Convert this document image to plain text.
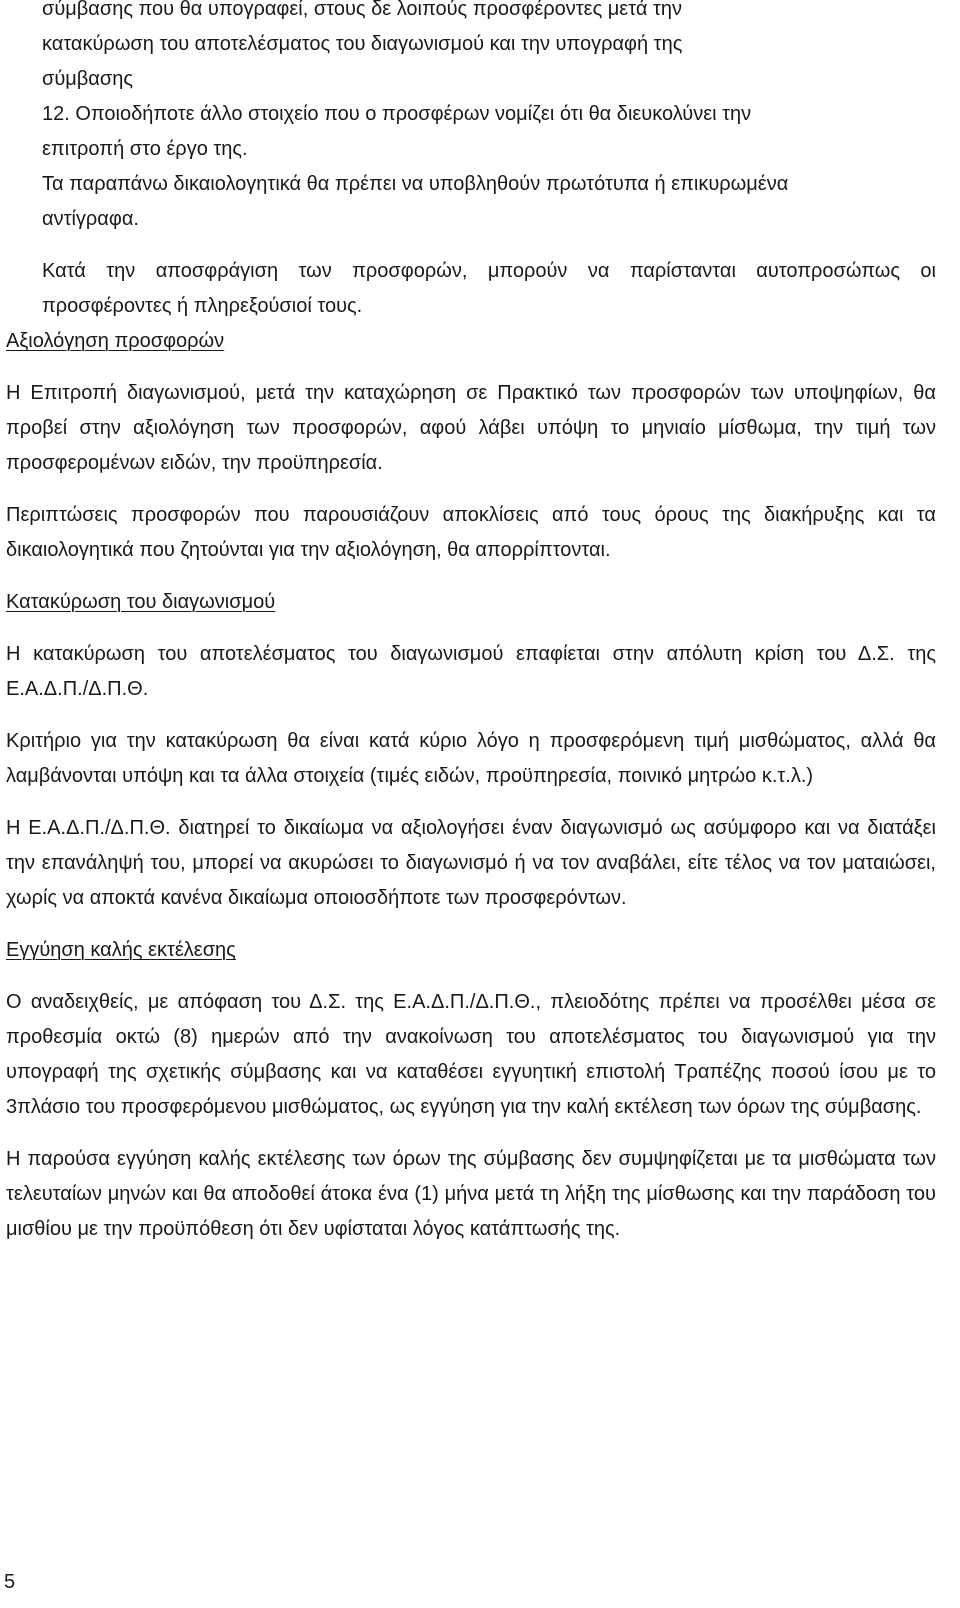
σύμβασης που θα υπογραφεί, στους δε λοιπούς προσφέροντες μετά την

κατακύρωση του αποτελέσματος του διαγωνισμού και την υπογραφή της

σύμβασης

12. Οποιοδήποτε άλλο στοιχείο που ο προσφέρων νομίζει ότι θα διευκολύνει την

επιτροπή στο έργο της.

Τα παραπάνω δικαιολογητικά θα πρέπει να υποβληθούν πρωτότυπα ή επικυρωμένα

αντίγραφα.

Κατά την αποσφράγιση των προσφορών, μπορούν να παρίστανται αυτοπροσώπως οι προσφέροντες ή πληρεξούσιοί τους.

Αξιολόγηση προσφορών

Η Επιτροπή διαγωνισμού, μετά την καταχώρηση σε Πρακτικό των προσφορών των υποψηφίων, θα προβεί στην αξιολόγηση των προσφορών, αφού λάβει υπόψη το μηνιαίο μίσθωμα, την τιμή των προσφερομένων ειδών, την προϋπηρεσία.

Περιπτώσεις προσφορών που παρουσιάζουν αποκλίσεις από τους όρους της διακήρυξης και τα δικαιολογητικά που ζητούνται για την αξιολόγηση, θα απορρίπτονται.

Κατακύρωση του διαγωνισμού

Η κατακύρωση του αποτελέσματος του διαγωνισμού επαφίεται στην απόλυτη κρίση του Δ.Σ. της Ε.Α.Δ.Π./Δ.Π.Θ.

Κριτήριο για την κατακύρωση θα είναι κατά κύριο λόγο η προσφερόμενη τιμή μισθώματος, αλλά θα λαμβάνονται υπόψη και τα άλλα στοιχεία (τιμές ειδών, προϋπηρεσία, ποινικό μητρώο κ.τ.λ.)

Η Ε.Α.Δ.Π./Δ.Π.Θ. διατηρεί το δικαίωμα να αξιολογήσει έναν διαγωνισμό ως ασύμφορο και να διατάξει την επανάληψή του, μπορεί να ακυρώσει το διαγωνισμό ή να τον αναβάλει, είτε τέλος να τον ματαιώσει, χωρίς να αποκτά κανένα δικαίωμα οποιοσδήποτε των προσφερόντων.

Εγγύηση καλής εκτέλεσης

Ο αναδειχθείς, με απόφαση του Δ.Σ. της Ε.Α.Δ.Π./Δ.Π.Θ., πλειοδότης πρέπει να προσέλθει μέσα σε προθεσμία οκτώ (8) ημερών από την ανακοίνωση του αποτελέσματος του διαγωνισμού για την υπογραφή της σχετικής σύμβασης και να καταθέσει εγγυητική επιστολή Τραπέζης ποσού ίσου με το 3πλάσιο του προσφερόμενου μισθώματος, ως εγγύηση για την καλή εκτέλεση των όρων της σύμβασης.

Η παρούσα εγγύηση καλής εκτέλεσης των όρων της σύμβασης δεν συμψηφίζεται με τα μισθώματα των τελευταίων μηνών και θα αποδοθεί άτοκα ένα (1) μήνα μετά τη λήξη της μίσθωσης και την παράδοση του μισθίου με την προϋπόθεση ότι δεν υφίσταται λόγος κατάπτωσής της.

5
